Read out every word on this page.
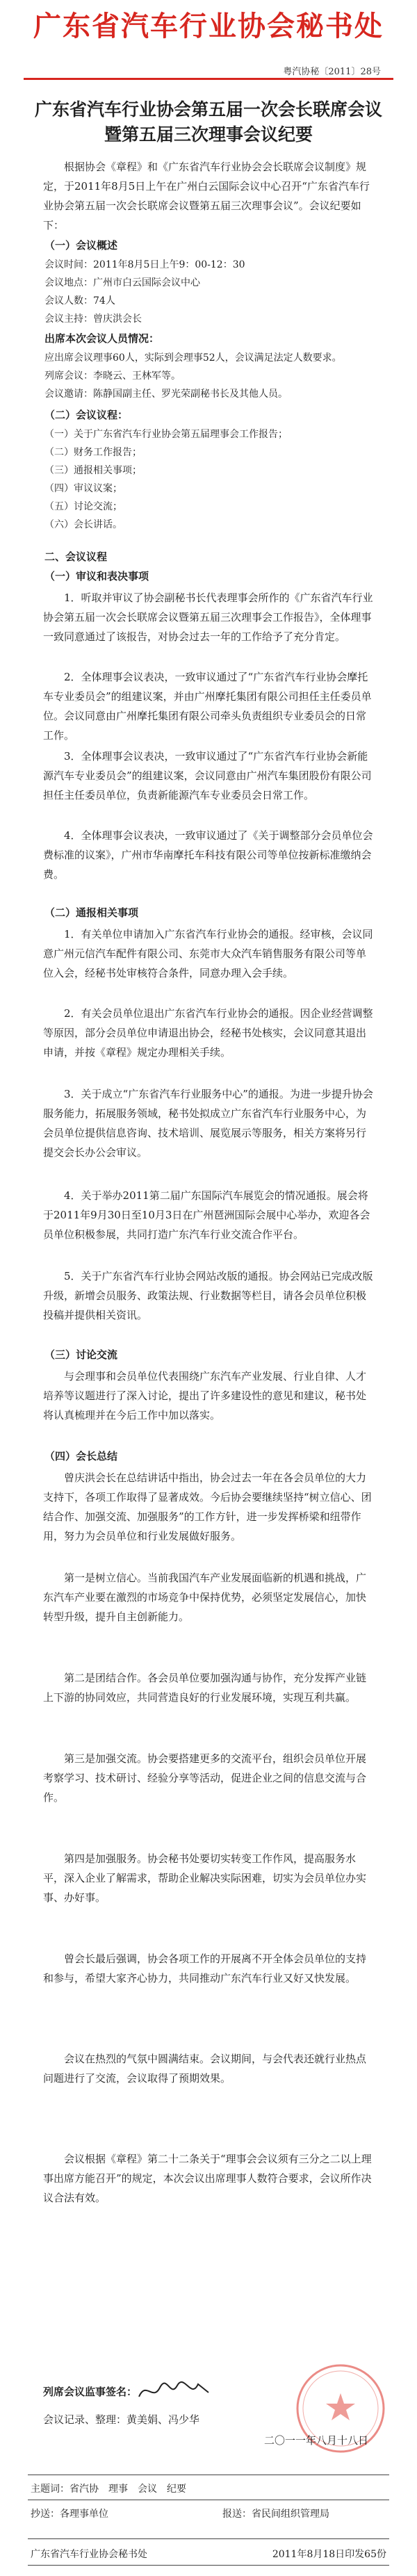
广东省汽车行业协会秘书处
粤汽协秘〔2011〕28号
广东省汽车行业协会第五届一次会长联席会议
暨第五届三次理事会议纪要
根据协会《章程》和《广东省汽车行业协会会长联席会议制度》规定，于2011年8月5日上午在广州白云国际会议中心召开“广东省汽车行业协会第五届一次会长联席会议暨第五届三次理事会议”。会议纪要如下：
（一）会议概述
会议时间：2011年8月5日上午9：00-12：30
会议地点：广州市白云国际会议中心
会议人数：74人
会议主持：曾庆洪会长
出席本次会议人员情况：
应出席会议理事60人，实际到会理事52人，会议满足法定人数要求。
列席会议：李晓云、王林军等。
会议邀请：陈静国副主任、罗光荣副秘书长及其他人员。
（二）会议议程：
（一）关于广东省汽车行业协会第五届理事会工作报告；
（二）财务工作报告；
（三）通报相关事项；
（四）审议议案；
（五）讨论交流；
（六）会长讲话。
二、会议议程
（一）审议和表决事项
1．听取并审议了协会副秘书长代表理事会所作的《广东省汽车行业协会第五届一次会长联席会议暨第五届三次理事会工作报告》，全体理事一致同意通过了该报告，对协会过去一年的工作给予了充分肯定。
2．全体理事会议表决，一致审议通过了“广东省汽车行业协会摩托车专业委员会”的组建议案，并由广州摩托集团有限公司担任主任委员单位。会议同意由广州摩托集团有限公司牵头负责组织专业委员会的日常工作。
3．全体理事会议表决，一致审议通过了“广东省汽车行业协会新能源汽车专业委员会”的组建议案，会议同意由广州汽车集团股份有限公司担任主任委员单位，负责新能源汽车专业委员会日常工作。
4．全体理事会议表决，一致审议通过了《关于调整部分会员单位会费标准的议案》，广州市华南摩托车科技有限公司等单位按新标准缴纳会费。
（二）通报相关事项
1．有关单位申请加入广东省汽车行业协会的通报。经审核，会议同意广州元信汽车配件有限公司、东莞市大众汽车销售服务有限公司等单位入会，经秘书处审核符合条件，同意办理入会手续。
2．有关会员单位退出广东省汽车行业协会的通报。因企业经营调整等原因，部分会员单位申请退出协会，经秘书处核实，会议同意其退出申请，并按《章程》规定办理相关手续。
3．关于成立“广东省汽车行业服务中心”的通报。为进一步提升协会服务能力，拓展服务领域，秘书处拟成立广东省汽车行业服务中心，为会员单位提供信息咨询、技术培训、展览展示等服务，相关方案将另行提交会长办公会审议。
4．关于举办2011第二届广东国际汽车展览会的情况通报。展会将于2011年9月30日至10月3日在广州琶洲国际会展中心举办，欢迎各会员单位积极参展，共同打造广东汽车行业交流合作平台。
5．关于广东省汽车行业协会网站改版的通报。协会网站已完成改版升级，新增会员服务、政策法规、行业数据等栏目，请各会员单位积极投稿并提供相关资讯。
（三）讨论交流
与会理事和会员单位代表围绕广东汽车产业发展、行业自律、人才培养等议题进行了深入讨论，提出了许多建设性的意见和建议，秘书处将认真梳理并在今后工作中加以落实。
（四）会长总结
曾庆洪会长在总结讲话中指出，协会过去一年在各会员单位的大力支持下，各项工作取得了显著成效。今后协会要继续坚持“树立信心、团结合作、加强交流、加强服务”的工作方针，进一步发挥桥梁和纽带作用，努力为会员单位和行业发展做好服务。
第一是树立信心。当前我国汽车产业发展面临新的机遇和挑战，广东汽车产业要在激烈的市场竞争中保持优势，必须坚定发展信心，加快转型升级，提升自主创新能力。
第二是团结合作。各会员单位要加强沟通与协作，充分发挥产业链上下游的协同效应，共同营造良好的行业发展环境，实现互利共赢。
第三是加强交流。协会要搭建更多的交流平台，组织会员单位开展考察学习、技术研讨、经验分享等活动，促进企业之间的信息交流与合作。
第四是加强服务。协会秘书处要切实转变工作作风，提高服务水平，深入企业了解需求，帮助企业解决实际困难，切实为会员单位办实事、办好事。
曾会长最后强调，协会各项工作的开展离不开全体会员单位的支持和参与，希望大家齐心协力，共同推动广东汽车行业又好又快发展。
会议在热烈的气氛中圆满结束。会议期间，与会代表还就行业热点问题进行了交流，会议取得了预期效果。
会议根据《章程》第二十二条关于“理事会会议须有三分之二以上理事出席方能召开”的规定，本次会议出席理事人数符合要求，会议所作决议合法有效。
列席会议监事签名：
会议记录、整理：黄美娟、冯少华
二〇一一年八月十八日
主题词：省汽协　理事　会议　纪要
抄送：各理事单位	报送：省民间组织管理局
广东省汽车行业协会秘书处	2011年8月18日印发65份
